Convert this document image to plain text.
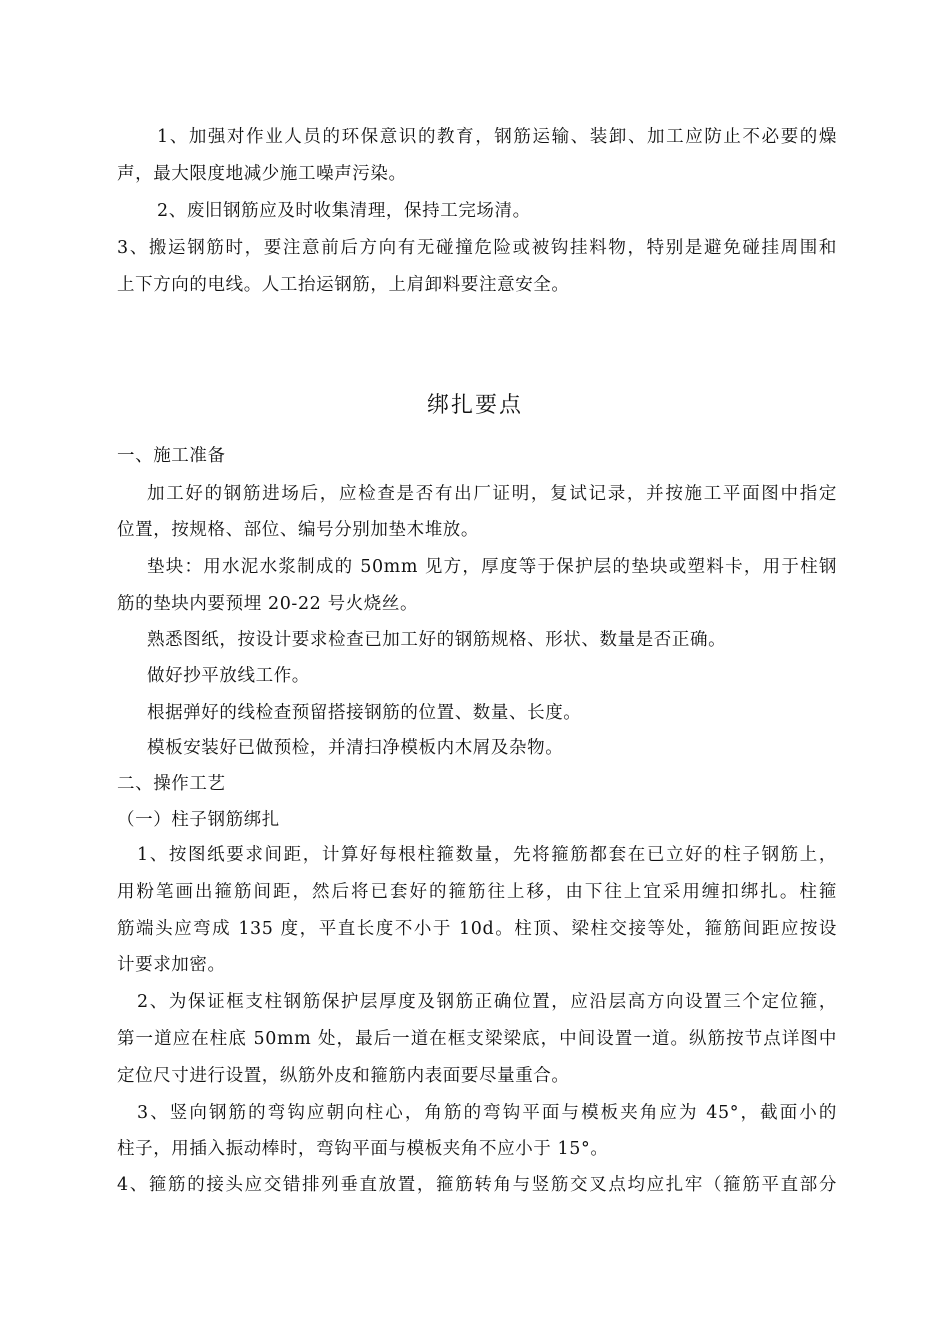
1、加强对作业人员的环保意识的教育，钢筋运输、装卸、加工应防止不必要的燥
声，最大限度地减少施工噪声污染。
2、废旧钢筋应及时收集清理，保持工完场清。
3、搬运钢筋时，要注意前后方向有无碰撞危险或被钩挂料物，特别是避免碰挂周围和
上下方向的电线。人工抬运钢筋，上肩卸料要注意安全。
绑扎要点
一、施工准备
加工好的钢筋进场后，应检查是否有出厂证明，复试记录，并按施工平面图中指定
位置，按规格、部位、编号分别加垫木堆放。
垫块：用水泥水浆制成的 50mm 见方，厚度等于保护层的垫块或塑料卡，用于柱钢
筋的垫块内要预埋 20-22 号火烧丝。
熟悉图纸，按设计要求检查已加工好的钢筋规格、形状、数量是否正确。
做好抄平放线工作。
根据弹好的线检查预留搭接钢筋的位置、数量、长度。
模板安装好已做预检，并清扫净模板内木屑及杂物。
二、操作工艺
（一）柱子钢筋绑扎
1、按图纸要求间距，计算好每根柱箍数量，先将箍筋都套在已立好的柱子钢筋上，
用粉笔画出箍筋间距，然后将已套好的箍筋往上移，由下往上宜采用缠扣绑扎。柱箍
筋端头应弯成 135 度，平直长度不小于 10d。柱顶、梁柱交接等处，箍筋间距应按设
计要求加密。
2、为保证框支柱钢筋保护层厚度及钢筋正确位置，应沿层高方向设置三个定位箍，
第一道应在柱底 50mm 处，最后一道在框支梁梁底，中间设置一道。纵筋按节点详图中
定位尺寸进行设置，纵筋外皮和箍筋内表面要尽量重合。
3、竖向钢筋的弯钩应朝向柱心，角筋的弯钩平面与模板夹角应为 45°，截面小的
柱子，用插入振动棒时，弯钩平面与模板夹角不应小于 15°。
4、箍筋的接头应交错排列垂直放置，箍筋转角与竖筋交叉点均应扎牢（箍筋平直部分
